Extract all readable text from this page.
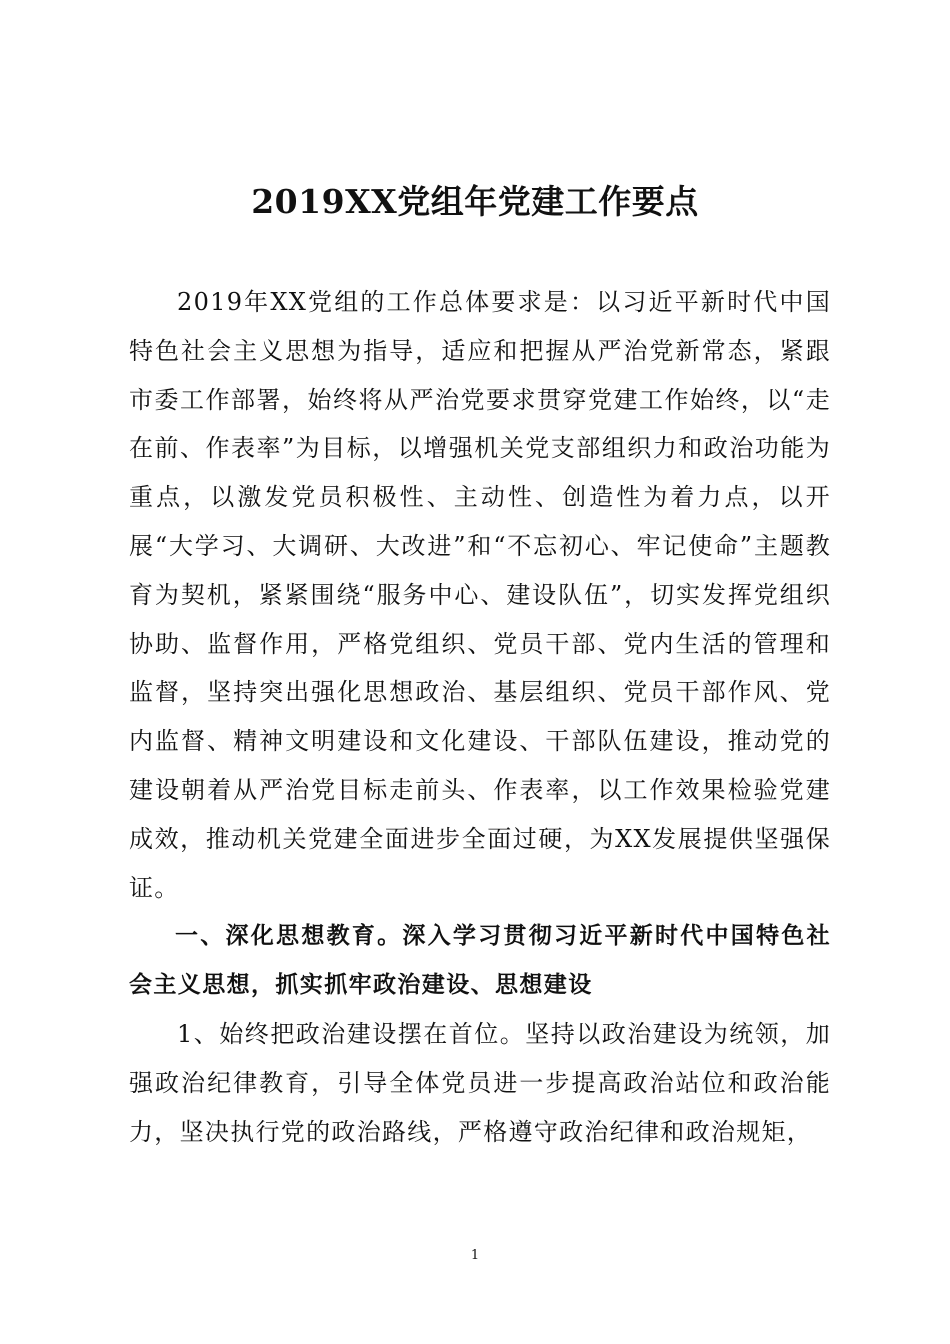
2019XX党组年党建工作要点

2019年XX党组的工作总体要求是：以习近平新时代中国特色社会主义思想为指导，适应和把握从严治党新常态，紧跟市委工作部署，始终将从严治党要求贯穿党建工作始终，以“走在前、作表率”为目标，以增强机关党支部组织力和政治功能为重点，以激发党员积极性、主动性、创造性为着力点，以开展“大学习、大调研、大改进”和“不忘初心、牢记使命”主题教育为契机，紧紧围绕“服务中心、建设队伍”，切实发挥党组织协助、监督作用，严格党组织、党员干部、党内生活的管理和监督，坚持突出强化思想政治、基层组织、党员干部作风、党内监督、精神文明建设和文化建设、干部队伍建设，推动党的建设朝着从严治党目标走前头、作表率，以工作效果检验党建成效，推动机关党建全面进步全面过硬，为XX发展提供坚强保证。

一、深化思想教育。深入学习贯彻习近平新时代中国特色社会主义思想，抓实抓牢政治建设、思想建设

1、始终把政治建设摆在首位。坚持以政治建设为统领，加强政治纪律教育，引导全体党员进一步提高政治站位和政治能力，坚决执行党的政治路线，严格遵守政治纪律和政治规矩，

1
